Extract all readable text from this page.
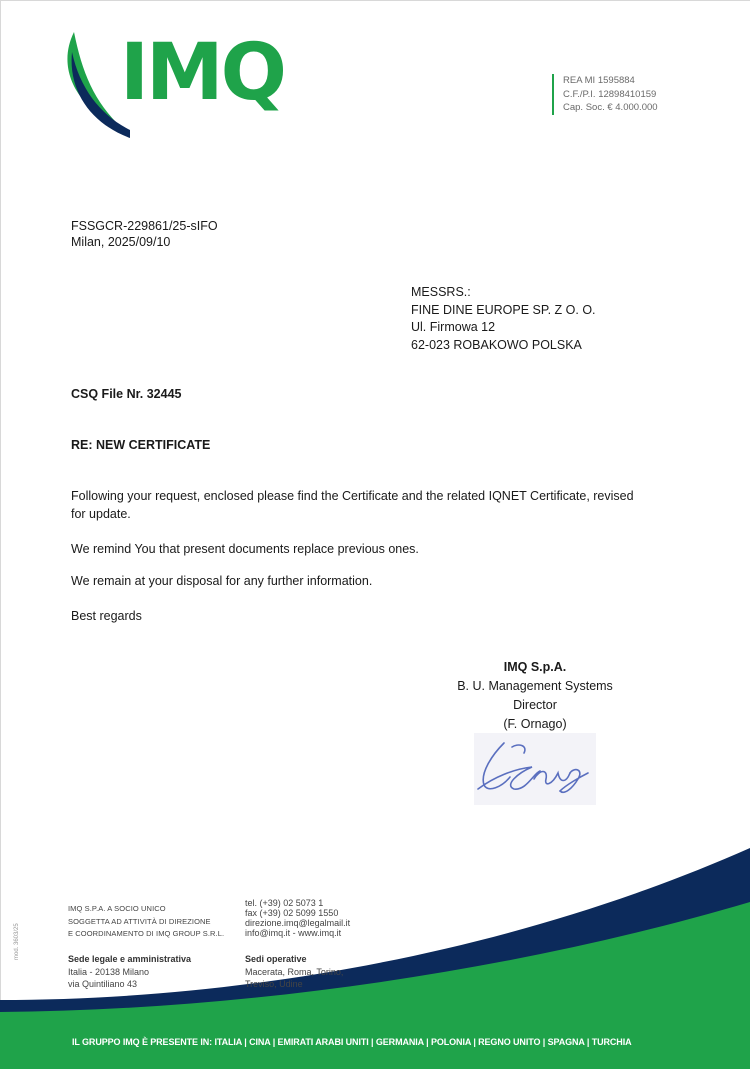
IMQ	REA MI 1595884
C.F./P.I. 12898410159
Cap. Soc. € 4.000.000
FSSGCR-229861/25-sIFO
Milan, 2025/09/10
MESSRS.:
FINE DINE EUROPE SP. Z O. O.
Ul. Firmowa 12
62-023 ROBAKOWO POLSKA
CSQ File Nr. 32445
RE: NEW CERTIFICATE
Following your request, enclosed please find the Certificate and the related IQNET Certificate, revised for update.
We remind You that present documents replace previous ones.
We remain at your disposal for any further information.
Best regards
IMQ S.p.A.
B. U. Management Systems
Director
(F. Ornago)
IMQ S.P.A. A SOCIO UNICO
SOGGETTA AD ATTIVITÀ DI DIREZIONE
E COORDINAMENTO DI IMQ GROUP S.R.L.
tel. (+39) 02 5073 1
fax (+39) 02 5099 1550
direzione.imq@legalmail.it
info@imq.it - www.imq.it
Sede legale e amministrativa
Italia - 20138 Milano
via Quintiliano 43
Sedi operative
Macerata, Roma, Torino,
Treviso, Udine
mod. 3603/25
IL GRUPPO IMQ È PRESENTE IN: ITALIA | CINA | EMIRATI ARABI UNITI | GERMANIA | POLONIA | REGNO UNITO | SPAGNA | TURCHIA
